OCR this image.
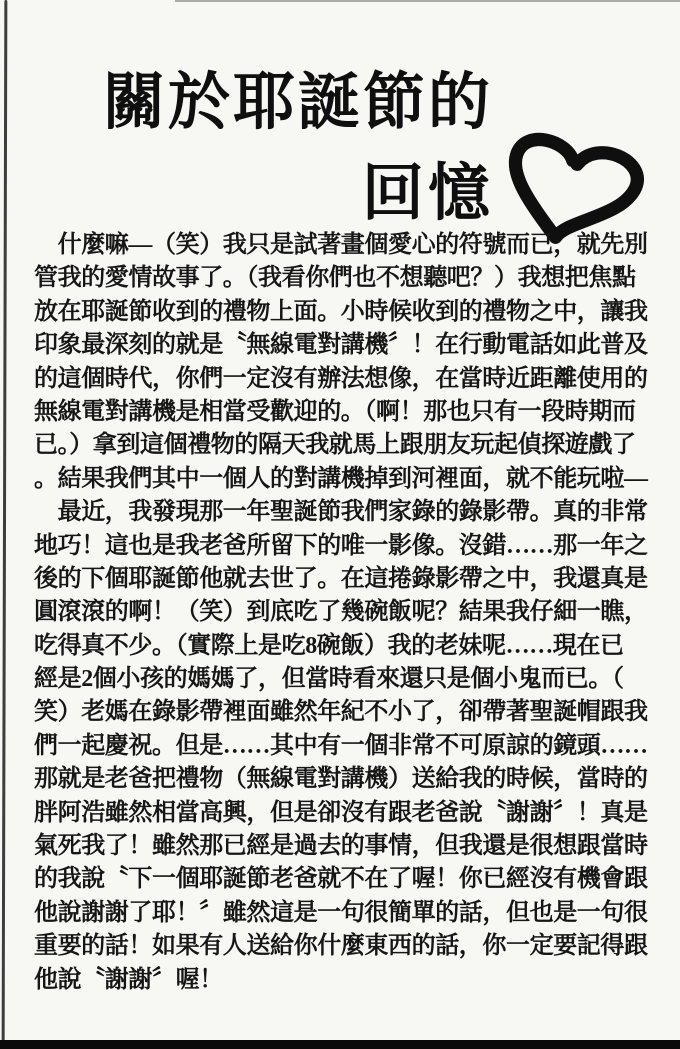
關於耶誕節的
回憶
　什麼嘛—（笑）我只是試著畫個愛心的符號而已，就先別
管我的愛情故事了。（我看你們也不想聽吧？）我想把焦點
放在耶誕節收到的禮物上面。小時候收到的禮物之中，讓我
印象最深刻的就是〝無線電對講機〞！在行動電話如此普及
的這個時代，你們一定沒有辦法想像，在當時近距離使用的
無線電對講機是相當受歡迎的。（啊！那也只有一段時期而
已。）拿到這個禮物的隔天我就馬上跟朋友玩起偵探遊戲了
。結果我們其中一個人的對講機掉到河裡面，就不能玩啦—
　最近，我發現那一年聖誕節我們家錄的錄影帶。真的非常
地巧！這也是我老爸所留下的唯一影像。沒錯……那一年之
後的下個耶誕節他就去世了。在這捲錄影帶之中，我還真是
圓滾滾的啊！（笑）到底吃了幾碗飯呢？結果我仔細一瞧，
吃得真不少。（實際上是吃8碗飯）我的老妹呢……現在已
經是2個小孩的媽媽了，但當時看來還只是個小鬼而已。（
笑）老媽在錄影帶裡面雖然年紀不小了，卻帶著聖誕帽跟我
們一起慶祝。但是……其中有一個非常不可原諒的鏡頭……
那就是老爸把禮物（無線電對講機）送給我的時候，當時的
胖阿浩雖然相當高興，但是卻沒有跟老爸說〝謝謝〞！真是
氣死我了！雖然那已經是過去的事情，但我還是很想跟當時
的我說〝下一個耶誕節老爸就不在了喔！你已經沒有機會跟
他說謝謝了耶！〞雖然這是一句很簡單的話，但也是一句很
重要的話！如果有人送給你什麼東西的話，你一定要記得跟
他說〝謝謝〞喔！
